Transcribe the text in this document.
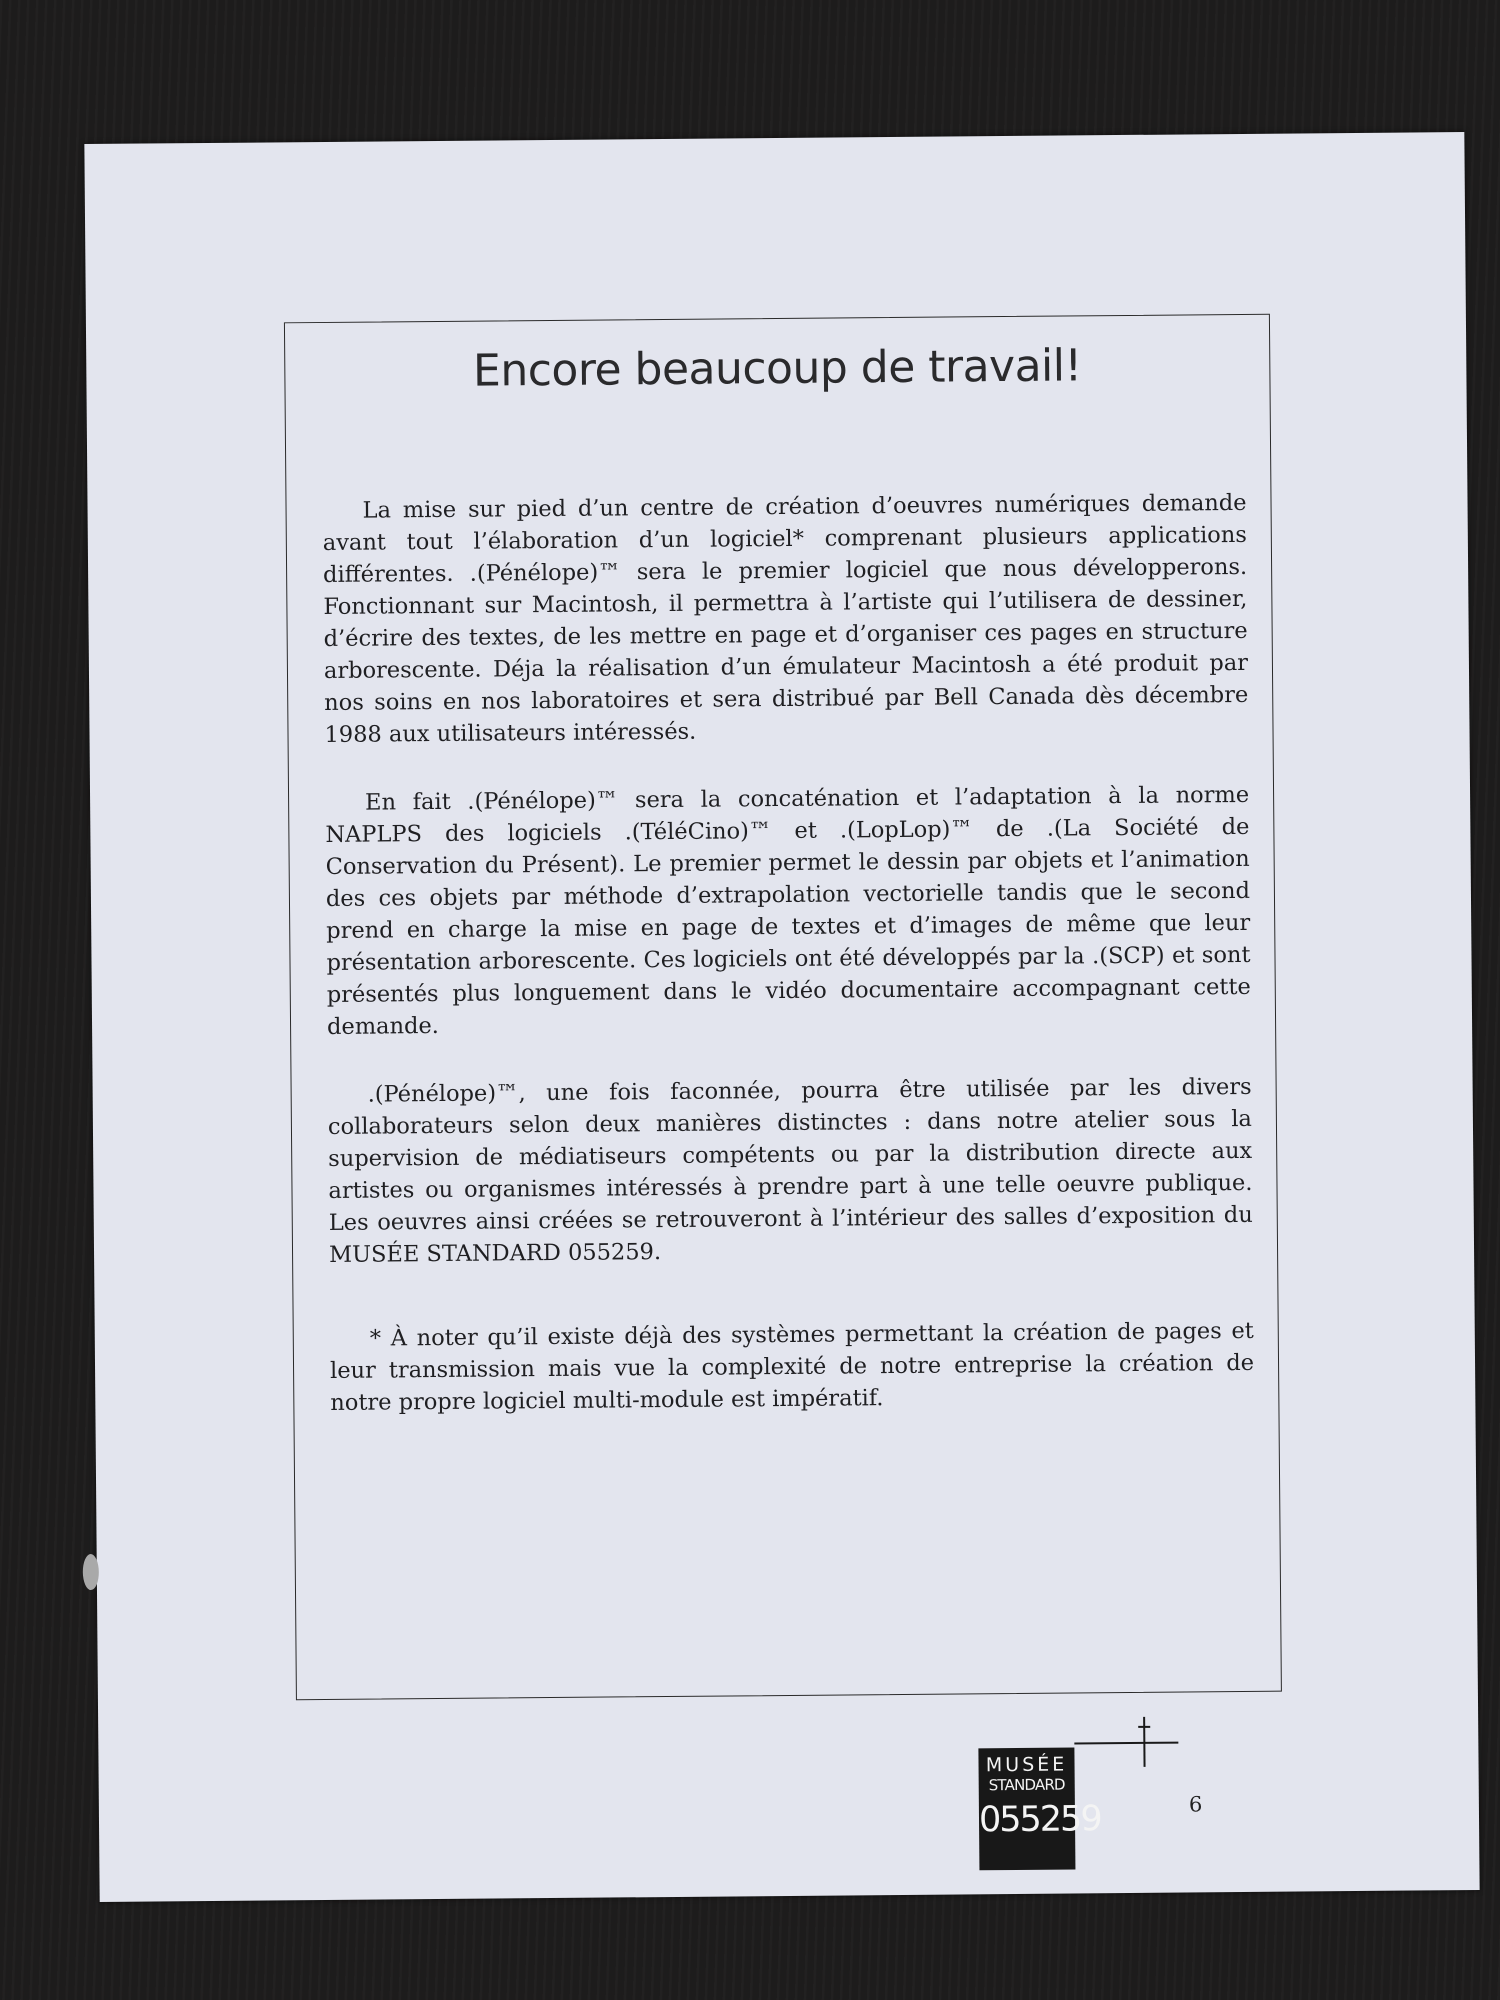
Encore beaucoup de travail!

La mise sur pied d’un centre de création d’oeuvres numériques demande avant tout l’élaboration d’un logiciel* comprenant plusieurs applications différentes. .(Pénélope)™ sera le premier logiciel que nous développerons. Fonctionnant sur Macintosh, il permettra à l’artiste qui l’utilisera de dessiner, d’écrire des textes, de les mettre en page et d’organiser ces pages en structure arborescente. Déja la réalisation d’un émulateur Macintosh a été produit par nos soins en nos laboratoires et sera distribué par Bell Canada dès décembre 1988 aux utilisateurs intéressés.

En fait .(Pénélope)™ sera la concaténation et l’adaptation à la norme NAPLPS des logiciels .(TéléCino)™ et .(LopLop)™ de .(La Société de Conservation du Présent). Le premier permet le dessin par objets et l’animation des ces objets par méthode d’extrapolation vectorielle tandis que le second prend en charge la mise en page de textes et d’images de même que leur présentation arborescente. Ces logiciels ont été développés par la .(SCP) et sont présentés plus longuement dans le vidéo documentaire accompagnant cette demande.

.(Pénélope)™, une fois faconnée, pourra être utilisée par les divers collaborateurs selon deux manières distinctes : dans notre atelier sous la supervision de médiatiseurs compétents ou par la distribution directe aux artistes ou organismes intéressés à prendre part à une telle oeuvre publique. Les oeuvres ainsi créées se retrouveront à l’intérieur des salles d’exposition du MUSÉE STANDARD 055259.

* À noter qu’il existe déjà des systèmes permettant la création de pages et leur transmission mais vue la complexité de notre entreprise la création de notre propre logiciel multi-module est impératif.

MUSÉE
STANDARD
055259	6
